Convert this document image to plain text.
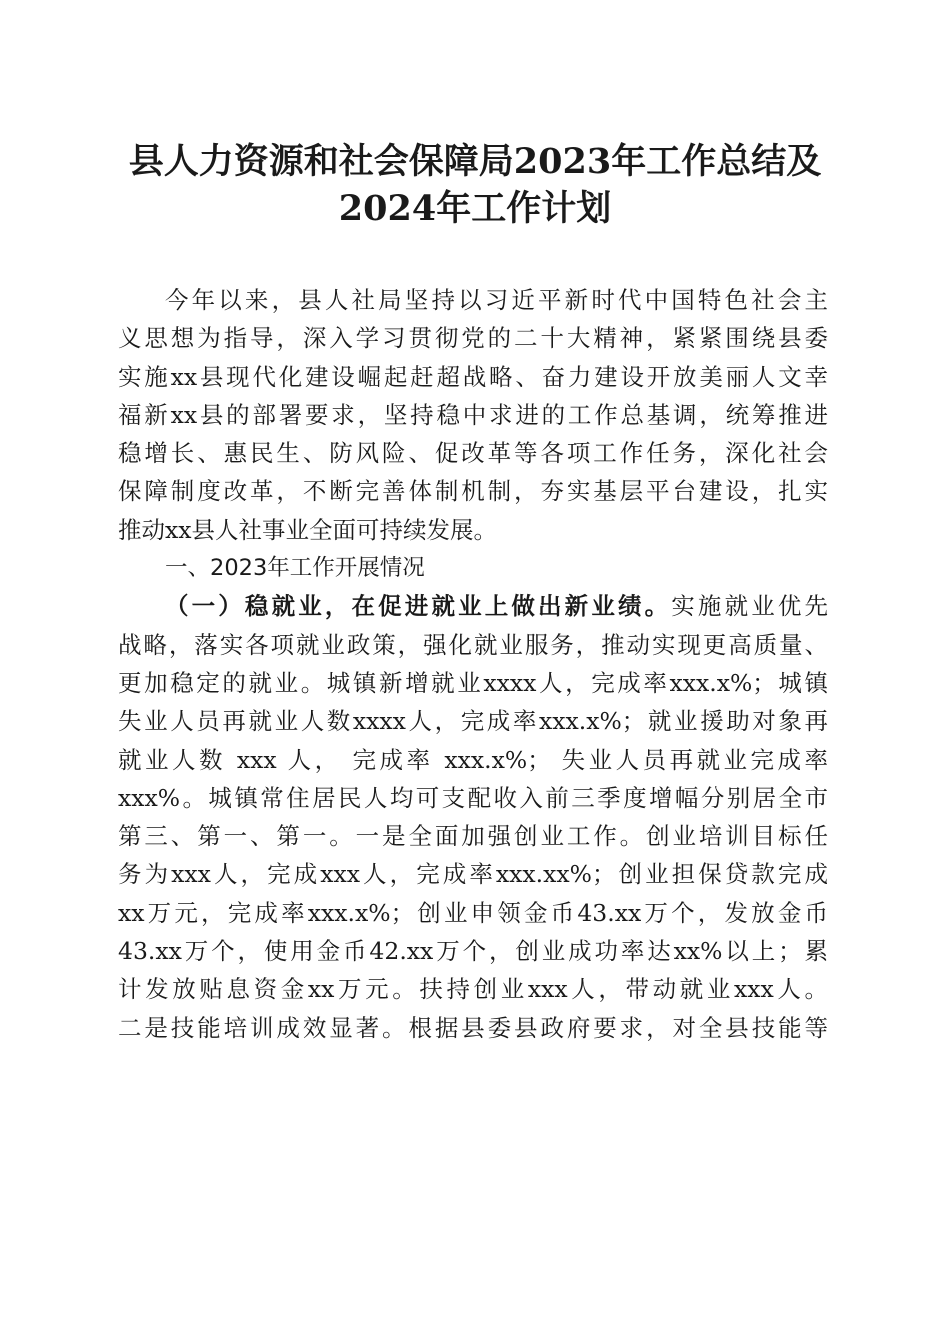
县人力资源和社会保障局2023年工作总结及
2024年工作计划
今年以来，县人社局坚持以习近平新时代中国特色社会主
义思想为指导，深入学习贯彻党的二十大精神，紧紧围绕县委
实施xx县现代化建设崛起赶超战略、奋力建设开放美丽人文幸
福新xx县的部署要求，坚持稳中求进的工作总基调，统筹推进
稳增长、惠民生、防风险、促改革等各项工作任务，深化社会
保障制度改革，不断完善体制机制，夯实基层平台建设，扎实
推动xx县人社事业全面可持续发展。
一、2023年工作开展情况
（一）稳就业，在促进就业上做出新业绩。实施就业优先
战略，落实各项就业政策，强化就业服务，推动实现更高质量、
更加稳定的就业。城镇新增就业xxxx人，完成率xxx.x%；城镇
失业人员再就业人数xxxx人，完成率xxx.x%；就业援助对象再
就业人数 xxx 人， 完成率 xxx.x%； 失业人员再就业完成率
xxx%。城镇常住居民人均可支配收入前三季度增幅分别居全市
第三、第一、第一。一是全面加强创业工作。创业培训目标任
务为xxx人，完成xxx人，完成率xxx.xx%；创业担保贷款完成
xx万元，完成率xxx.x%；创业申领金币43.xx万个，发放金币
43.xx万个，使用金币42.xx万个，创业成功率达xx%以上；累
计发放贴息资金xx万元。扶持创业xxx人，带动就业xxx人。
二是技能培训成效显著。根据县委县政府要求，对全县技能等
